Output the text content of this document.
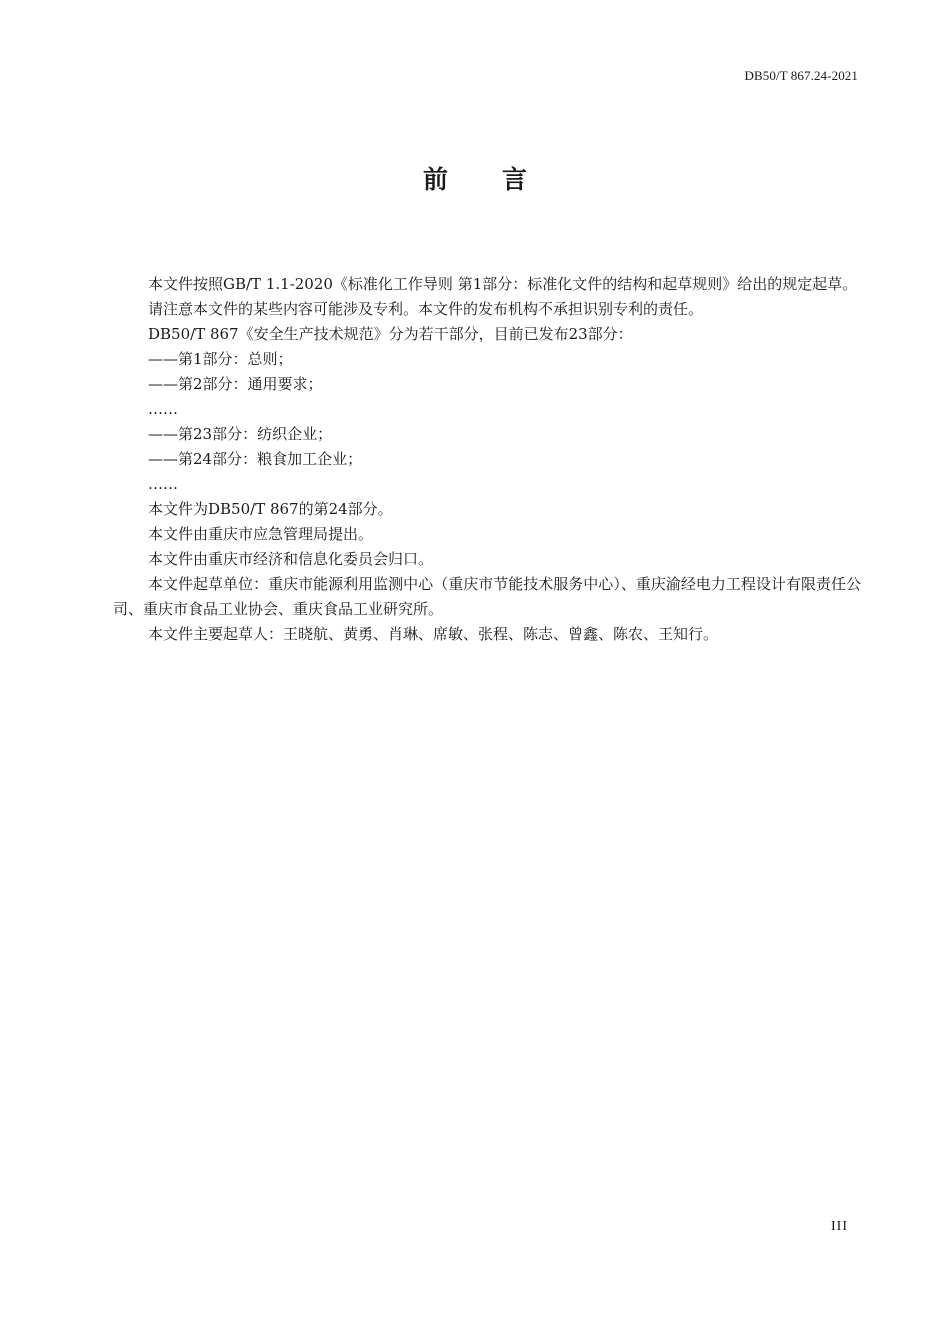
DB50/T 867.24-2021
前言

本文件按照GB/T 1.1-2020《标准化工作导则 第1部分：标准化文件的结构和起草规则》给出的规定起草。

请注意本文件的某些内容可能涉及专利。本文件的发布机构不承担识别专利的责任。

DB50/T 867《安全生产技术规范》分为若干部分，目前已发布23部分：

——第1部分：总则；

——第2部分：通用要求；

……

——第23部分：纺织企业；

——第24部分：粮食加工企业；

……

本文件为DB50/T 867的第24部分。

本文件由重庆市应急管理局提出。

本文件由重庆市经济和信息化委员会归口。

本文件起草单位：重庆市能源利用监测中心（重庆市节能技术服务中心）、重庆渝经电力工程设计有限责任公司、重庆市食品工业协会、重庆食品工业研究所。

本文件主要起草人：王晓航、黄勇、肖琳、席敏、张程、陈志、曾鑫、陈农、王知行。

III
